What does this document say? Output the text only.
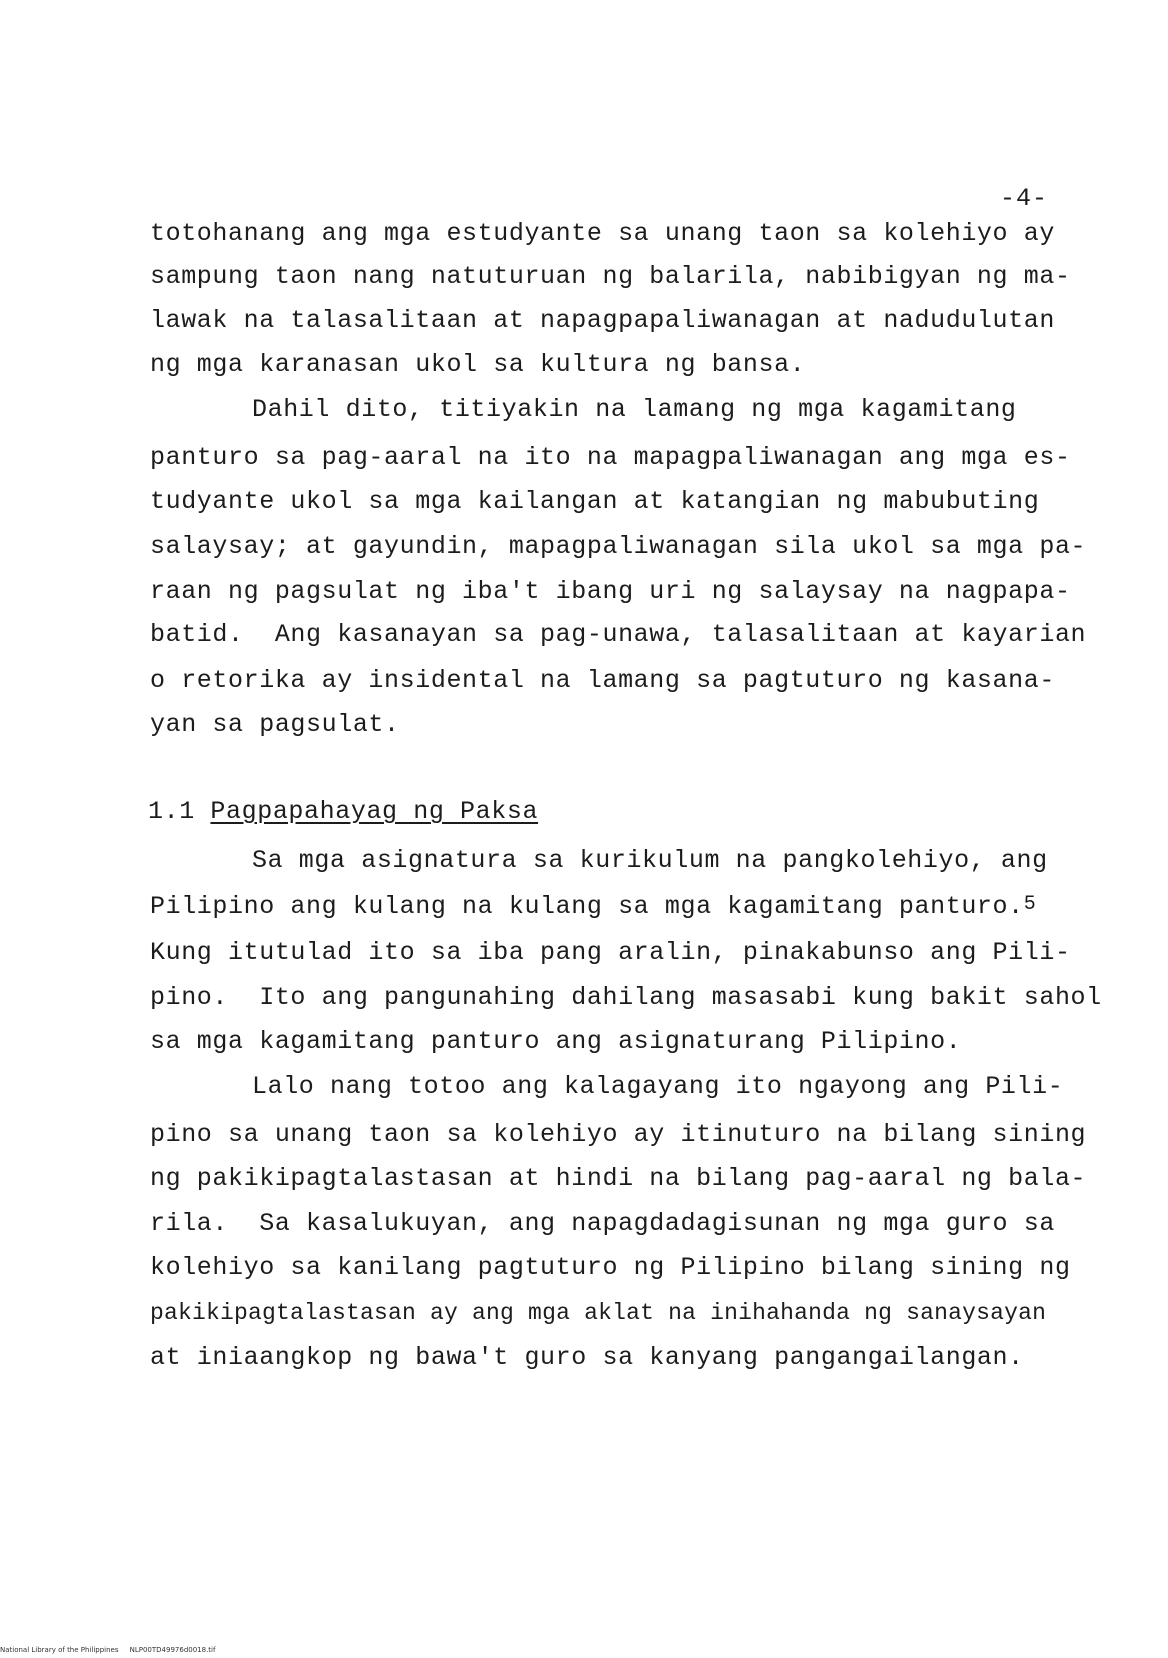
-4-
totohanang ang mga estudyante sa unang taon sa kolehiyo ay
sampung taon nang natuturuan ng balarila, nabibigyan ng ma-
lawak na talasalitaan at napagpapaliwanagan at nadudulutan
ng mga karanasan ukol sa kultura ng bansa.
Dahil dito, titiyakin na lamang ng mga kagamitang
panturo sa pag-aaral na ito na mapagpaliwanagan ang mga es-
tudyante ukol sa mga kailangan at katangian ng mabubuting
salaysay; at gayundin, mapagpaliwanagan sila ukol sa mga pa-
raan ng pagsulat ng iba't ibang uri ng salaysay na nagpapa-
batid.  Ang kasanayan sa pag-unawa, talasalitaan at kayarian
o retorika ay insidental na lamang sa pagtuturo ng kasana-
yan sa pagsulat.
1.1 Pagpapahayag ng Paksa
Sa mga asignatura sa kurikulum na pangkolehiyo, ang
Pilipino ang kulang na kulang sa mga kagamitang panturo.$^5$
Kung itutulad ito sa iba pang aralin, pinakabunso ang Pili-
pino.  Ito ang pangunahing dahilang masasabi kung bakit sahol
sa mga kagamitang panturo ang asignaturang Pilipino.
Lalo nang totoo ang kalagayang ito ngayong ang Pili-
pino sa unang taon sa kolehiyo ay itinuturo na bilang sining
ng pakikipagtalastasan at hindi na bilang pag-aaral ng bala-
rila.  Sa kasalukuyan, ang napagdadagisunan ng mga guro sa
kolehiyo sa kanilang pagtuturo ng Pilipino bilang sining ng
pakikipagtalastasan ay ang mga aklat na inihahanda ng sanaysayan
at iniaangkop ng bawa't guro sa kanyang pangangailangan.
National Library of the Philippines     NLP00TD49976d0018.tif
